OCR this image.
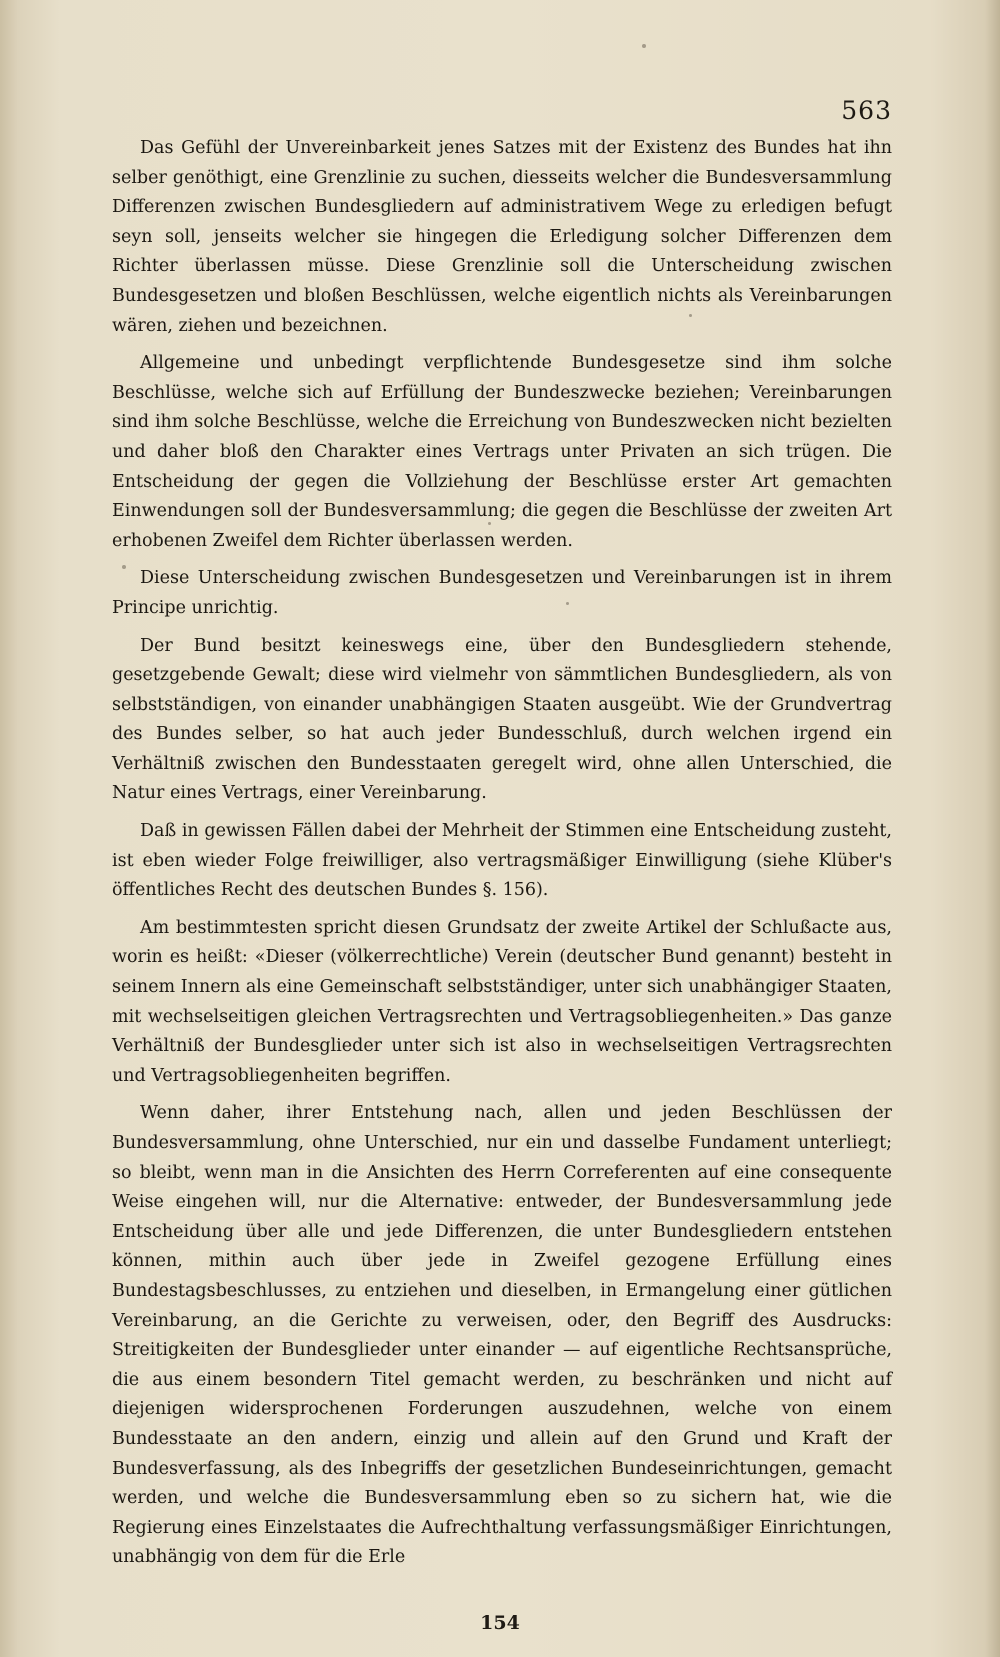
563

Das Gefühl der Unvereinbarkeit jenes Satzes mit der Existenz des Bundes hat ihn selber genöthigt, eine Grenzlinie zu suchen, diesseits welcher die Bundesversammlung Differenzen zwischen Bundesgliedern auf administrativem Wege zu erledigen befugt seyn soll, jenseits welcher sie hingegen die Erledigung solcher Differenzen dem Richter überlassen müsse. Diese Grenzlinie soll die Unterscheidung zwischen Bundesgesetzen und bloßen Beschlüssen, welche eigentlich nichts als Vereinbarungen wären, ziehen und bezeichnen.

Allgemeine und unbedingt verpflichtende Bundesgesetze sind ihm solche Beschlüsse, welche sich auf Erfüllung der Bundeszwecke beziehen; Vereinbarungen sind ihm solche Beschlüsse, welche die Erreichung von Bundeszwecken nicht bezielten und daher bloß den Charakter eines Vertrags unter Privaten an sich trügen. Die Entscheidung der gegen die Vollziehung der Beschlüsse erster Art gemachten Einwendungen soll der Bundesversammlung; die gegen die Beschlüsse der zweiten Art erhobenen Zweifel dem Richter überlassen werden.

Diese Unterscheidung zwischen Bundesgesetzen und Vereinbarungen ist in ihrem Principe unrichtig.

Der Bund besitzt keineswegs eine, über den Bundesgliedern stehende, gesetzgebende Gewalt; diese wird vielmehr von sämmtlichen Bundesgliedern, als von selbstständigen, von einander unabhängigen Staaten ausgeübt. Wie der Grundvertrag des Bundes selber, so hat auch jeder Bundesschluß, durch welchen irgend ein Verhältniß zwischen den Bundesstaaten geregelt wird, ohne allen Unterschied, die Natur eines Vertrags, einer Vereinbarung.

Daß in gewissen Fällen dabei der Mehrheit der Stimmen eine Entscheidung zusteht, ist eben wieder Folge freiwilliger, also vertragsmäßiger Einwilligung (siehe Klüber's öffentliches Recht des deutschen Bundes §. 156).

Am bestimmtesten spricht diesen Grundsatz der zweite Artikel der Schlußacte aus, worin es heißt: «Dieser (völkerrechtliche) Verein (deutscher Bund genannt) besteht in seinem Innern als eine Gemeinschaft selbstständiger, unter sich unabhängiger Staaten, mit wechselseitigen gleichen Vertragsrechten und Vertragsobliegenheiten.» Das ganze Verhältniß der Bundesglieder unter sich ist also in wechselseitigen Vertragsrechten und Vertragsobliegenheiten begriffen.

Wenn daher, ihrer Entstehung nach, allen und jeden Beschlüssen der Bundesversammlung, ohne Unterschied, nur ein und dasselbe Fundament unterliegt; so bleibt, wenn man in die Ansichten des Herrn Correferenten auf eine consequente Weise eingehen will, nur die Alternative: entweder, der Bundesversammlung jede Entscheidung über alle und jede Differenzen, die unter Bundesgliedern entstehen können, mithin auch über jede in Zweifel gezogene Erfüllung eines Bundestagsbeschlusses, zu entziehen und dieselben, in Ermangelung einer gütlichen Vereinbarung, an die Gerichte zu verweisen, oder, den Begriff des Ausdrucks: Streitigkeiten der Bundesglieder unter einander — auf eigentliche Rechtsansprüche, die aus einem besondern Titel gemacht werden, zu beschränken und nicht auf diejenigen widersprochenen Forderungen auszudehnen, welche von einem Bundesstaate an den andern, einzig und allein auf den Grund und Kraft der Bundesverfassung, als des Inbegriffs der gesetzlichen Bundeseinrichtungen, gemacht werden, und welche die Bundesversammlung eben so zu sichern hat, wie die Regierung eines Einzelstaates die Aufrechthaltung verfassungsmäßiger Einrichtungen, unabhängig von dem für die Erle

154
